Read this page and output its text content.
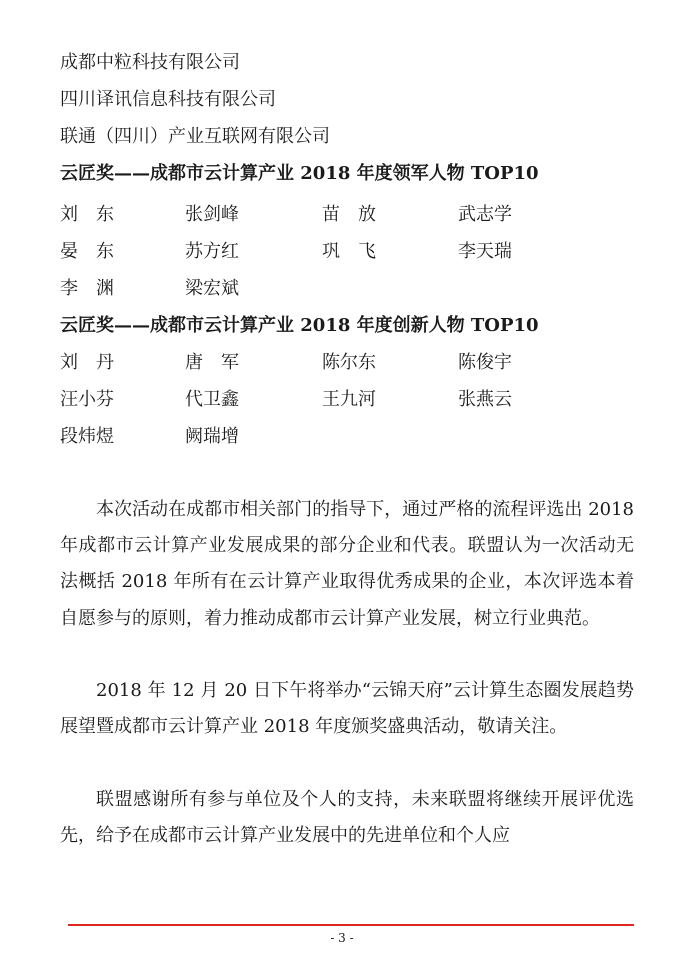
成都中粒科技有限公司
四川译讯信息科技有限公司
联通（四川）产业互联网有限公司
云匠奖——成都市云计算产业 2018 年度领军人物 TOP10
刘　东	张剑峰	苗　放	武志学
晏　东	苏方红	巩　飞	李天瑞
李　渊	梁宏斌
云匠奖——成都市云计算产业 2018 年度创新人物 TOP10
刘　丹	唐　军	陈尔东	陈俊宇
汪小芬	代卫鑫	王九河	张燕云
段炜煜	阙瑞增

本次活动在成都市相关部门的指导下，通过严格的流程评选出 2018 年成都市云计算产业发展成果的部分企业和代表。联盟认为一次活动无法概括 2018 年所有在云计算产业取得优秀成果的企业，本次评选本着自愿参与的原则，着力推动成都市云计算产业发展，树立行业典范。

2018 年 12 月 20 日下午将举办“云锦天府”云计算生态圈发展趋势展望暨成都市云计算产业 2018 年度颁奖盛典活动，敬请关注。

联盟感谢所有参与单位及个人的支持，未来联盟将继续开展评优选先，给予在成都市云计算产业发展中的先进单位和个人应

- 3 -
